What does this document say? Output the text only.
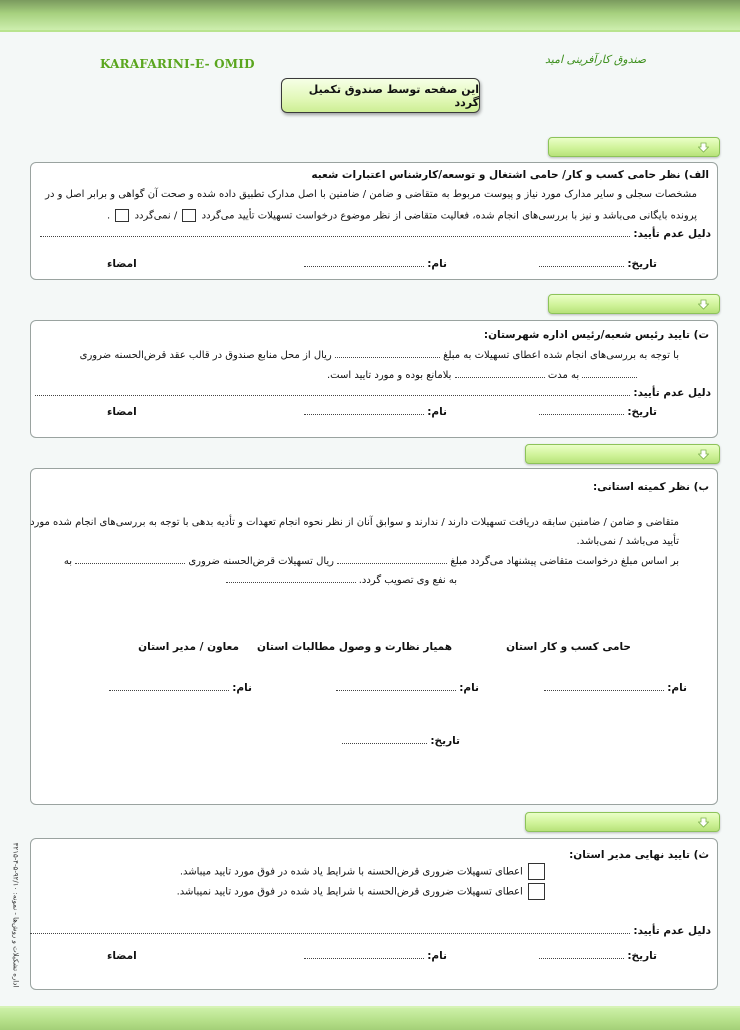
KARAFARINI-E- OMID	صندوق کارآفرینی امید
این صفحه توسط صندوق تکمیل گردد
الف) نظر حامی کسب و کار/ حامی اشتغال و توسعه/کارشناس اعتبارات شعبه
مشخصات سجلی و سایر مدارک مورد نیاز و پیوست مربوط به متقاضی و ضامن / ضامنین با اصل مدارک تطبیق داده شده و صحت آن گواهی و برابر اصل و در
پرونده بایگانی می‌باشد و نیز با بررسی‌های انجام شده، فعالیت متقاضی از نظر موضوع درخواست تسهیلات تأیید می‌گردد  / نمی‌گردد  .
دلیل عدم تأیید:
تاریخ:
نام:
امضاء
ت) تایید رئیس شعبه/رئیس اداره شهرستان:
با توجه به بررسی‌های انجام شده اعطای تسهیلات به مبلغ  ریال از محل منابع صندوق در قالب عقد قرض‌الحسنه ضروری
به مدت  بلامانع بوده و مورد تایید است.
دلیل عدم تأیید:
تاریخ:
نام:
امضاء
ب) نظر کمیته استانی:
متقاضی و ضامن / ضامنین سابقه دریافت تسهیلات دارند / ندارند و سوابق آنان از نظر نحوه انجام تعهدات و تأدیه بدهی با توجه به بررسی‌های انجام شده مورد
تأیید می‌باشد / نمی‌باشد.
بر اساس مبلغ درخواست متقاضی پیشنهاد می‌گردد مبلغ  ریال تسهیلات قرض‌الحسنه ضروری  به
به نفع وی تصویب گردد.
حامی کسب و کار استان
همیار نظارت و وصول مطالبات استان
معاون / مدیر استان
نام:
نام:
نام:
تاریخ:
ث) تایید نهایی مدیر استان:
اعطای تسهیلات ضروری قرض‌الحسنه با شرایط یاد شده در فوق مورد تایید میباشد.
اعطای تسهیلات ضروری قرض‌الحسنه با شرایط یاد شده در فوق مورد تایید نمیباشد.
دلیل عدم تأیید:
تاریخ:
نام:
امضاء
اداره تشکیلات و روش‌ها - نمونه: ۹۲/۱۰-۵-۴-۳۲۱۵
